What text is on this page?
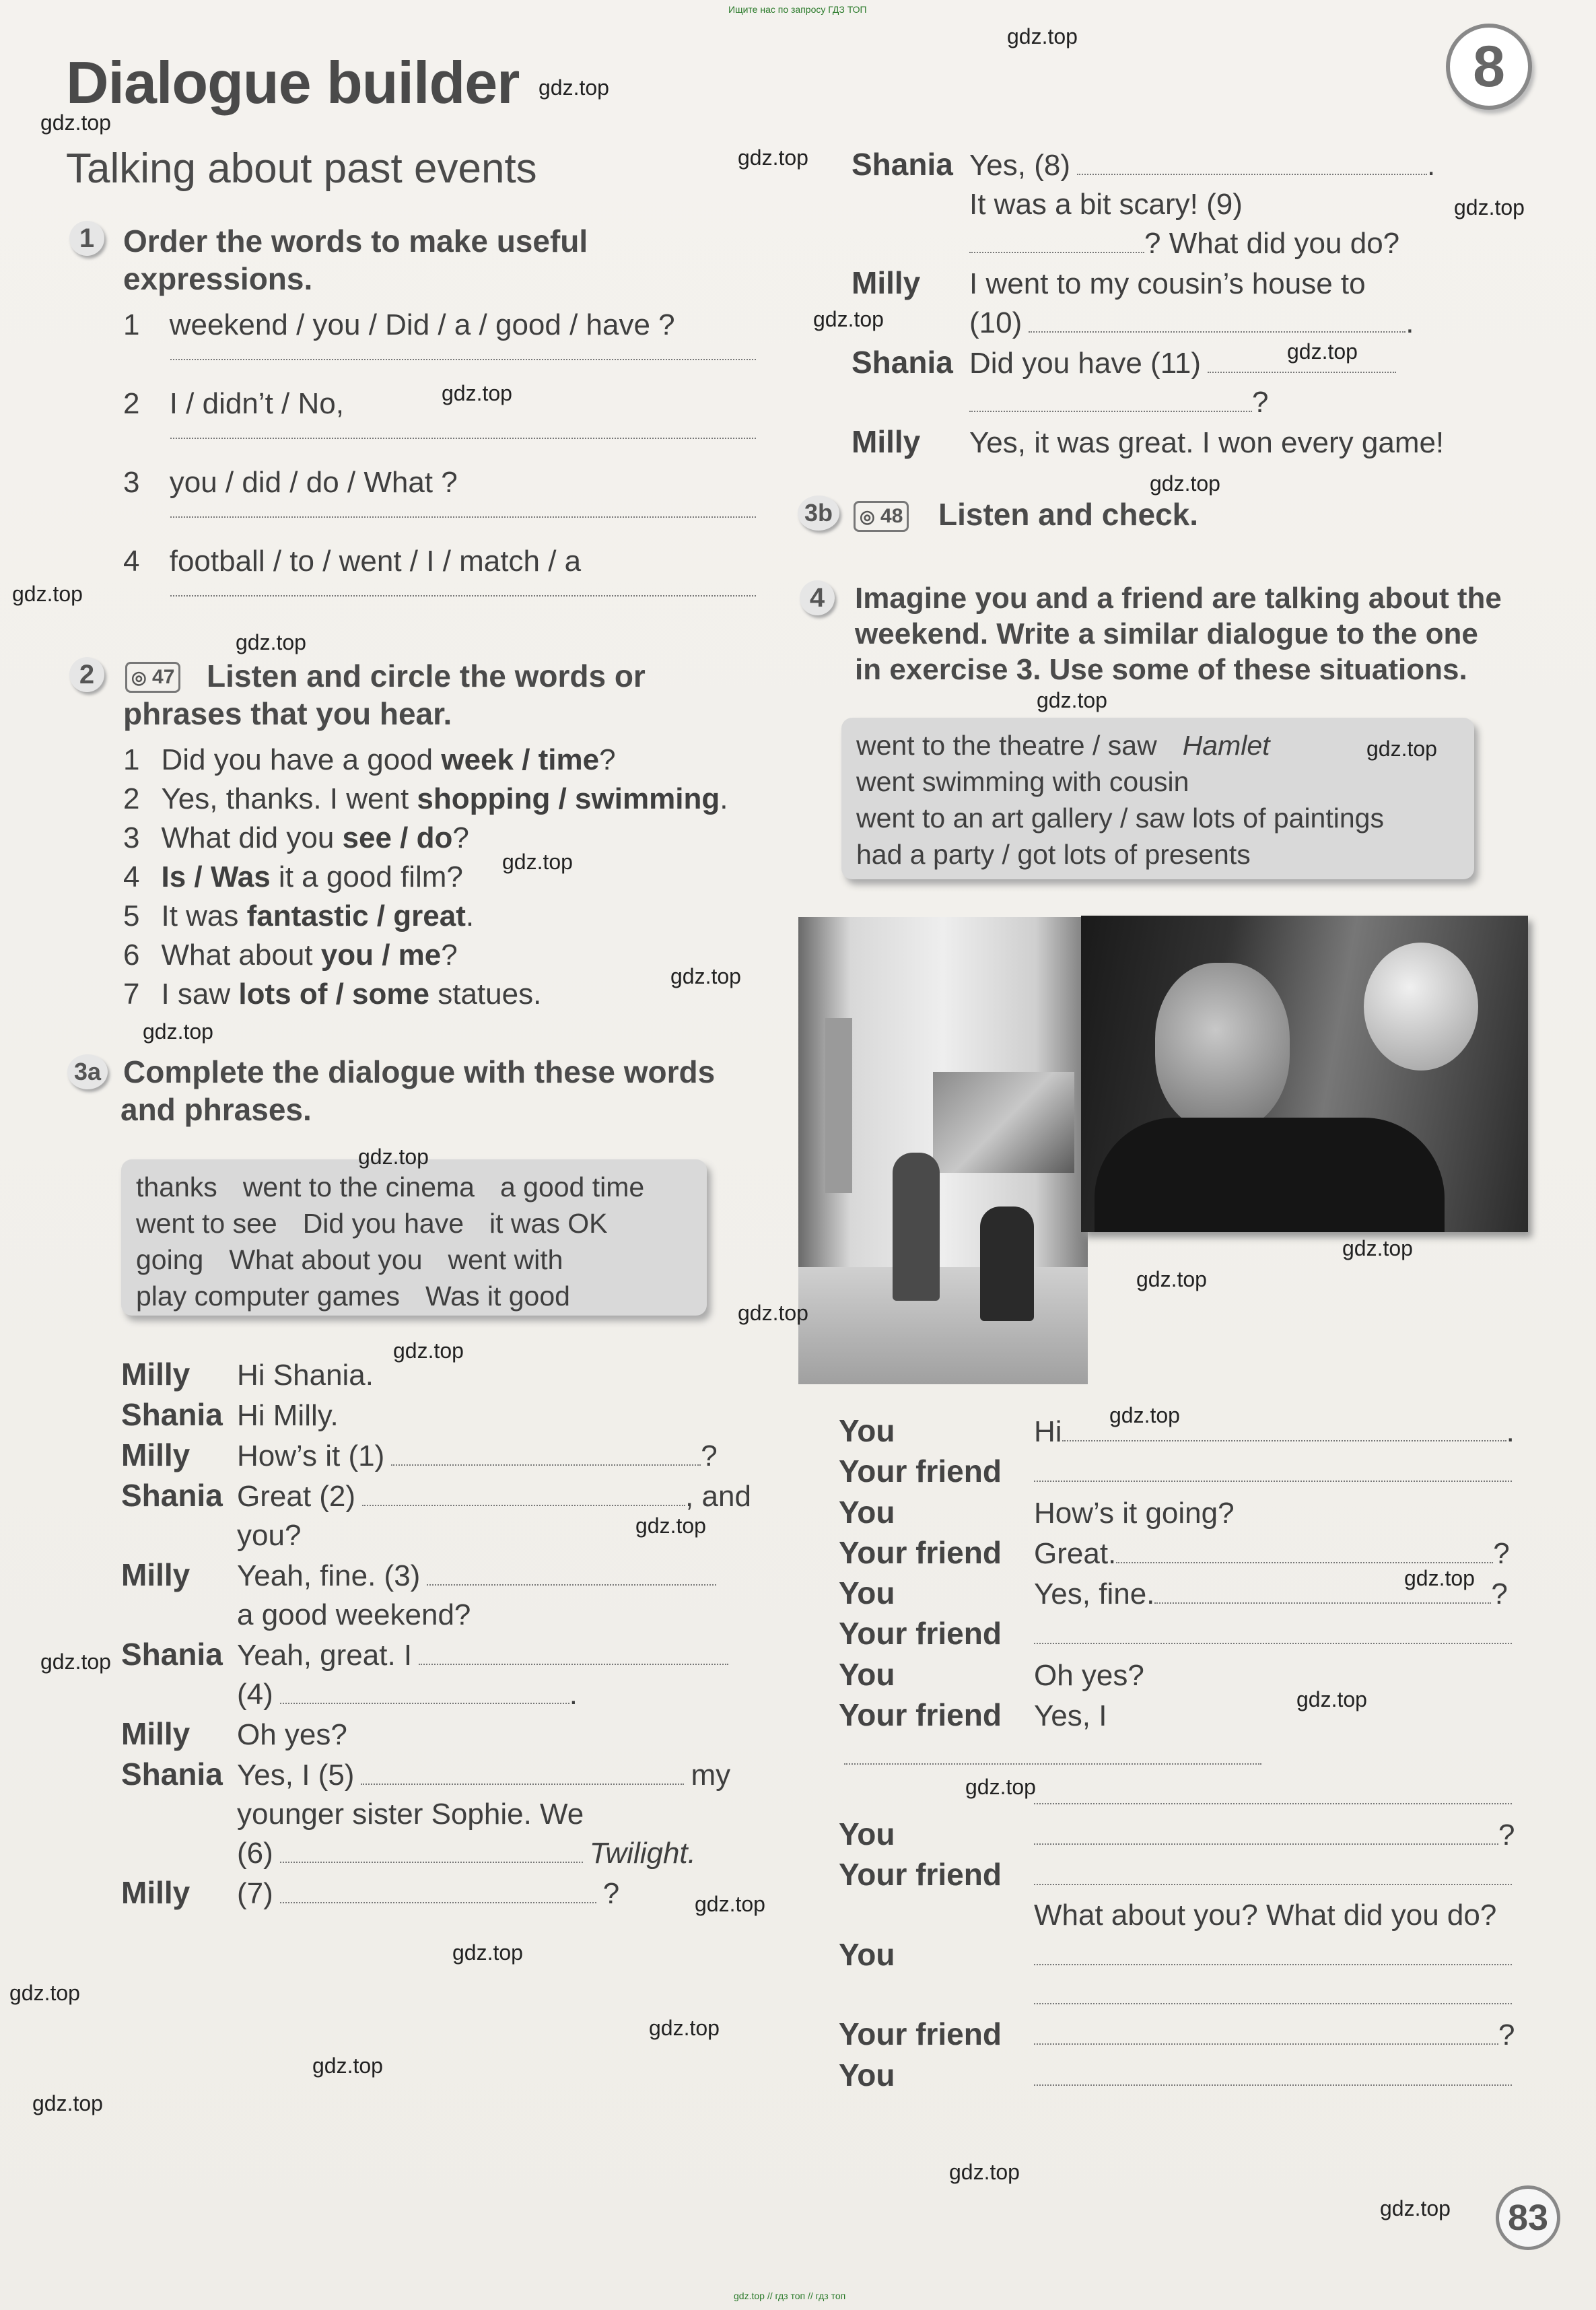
Ищите нас по запросу ГДЗ ТОП
Dialogue builder
Talking about past events
8
1 Order the words to make useful
expressions.
1 weekend / you / Did / a / good / have ?
2 I / didn’t / No,
3 you / did / do / What ?
4 football / to / went / I / match / a
2	◎ 47 Listen and circle the words or
phrases that you hear.
1 Did you have a good week / time?
2 Yes, thanks. I went shopping / swimming.
3 What did you see / do?
4 Is / Was it a good film?
5 It was fantastic / great.
6 What about you / me?
7 I saw lots of / some statues.
3a Complete the dialogue with these words
and phrases.
thanks went to the cinema a good time
went to see Did you have it was OK
going What about you went with
play computer games Was it good
Milly Hi Shania.
Shania Hi Milly.
Milly How’s it (1)	?
Shania Great (2)	, and
you?
Milly Yeah, fine. (3)
a good weekend?
Shania Yeah, great. I
(4)	.
Milly Oh yes?
Shania Yes, I (5)	my
younger sister Sophie. We
(6)	Twilight.
Milly (7)	?
Shania Yes, (8)	.
It was a bit scary! (9)
? What did you do?
Milly I went to my cousin’s house to
(10)	.
Shania Did you have (11)
?
Milly Yes, it was great. I won every game!
3b	◎ 48 Listen and check.
4	Imagine you and a friend are talking about the
weekend. Write a similar dialogue to the one
in exercise 3. Use some of these situations.
went to the theatre / sawHamlet
went swimming with cousin
went to an art gallery / saw lots of paintings
had a party / got lots of presents
You	Hi	.
Your friend
You	How’s it going?
Your friend Great.	?
You	Yes, fine.	?
Your friend
You	Oh yes?
Your friend Yes, I
You	?
Your friend
What about you? What did you do?
You
Your friend	?
You
83
gdz.top // гдз топ // гдз топ
gdz.top
gdz.top
gdz.top
gdz.top
gdz.top
gdz.top
gdz.top
gdz.top
gdz.top
gdz.top
gdz.top
gdz.top
gdz.top
gdz.top
gdz.top
gdz.top
gdz.top
gdz.top
gdz.top
gdz.top
gdz.top
gdz.top
gdz.top
gdz.top
gdz.top
gdz.top
gdz.top
gdz.top
gdz.top
gdz.top
gdz.top
gdz.top
gdz.top
gdz.top
gdz.top
